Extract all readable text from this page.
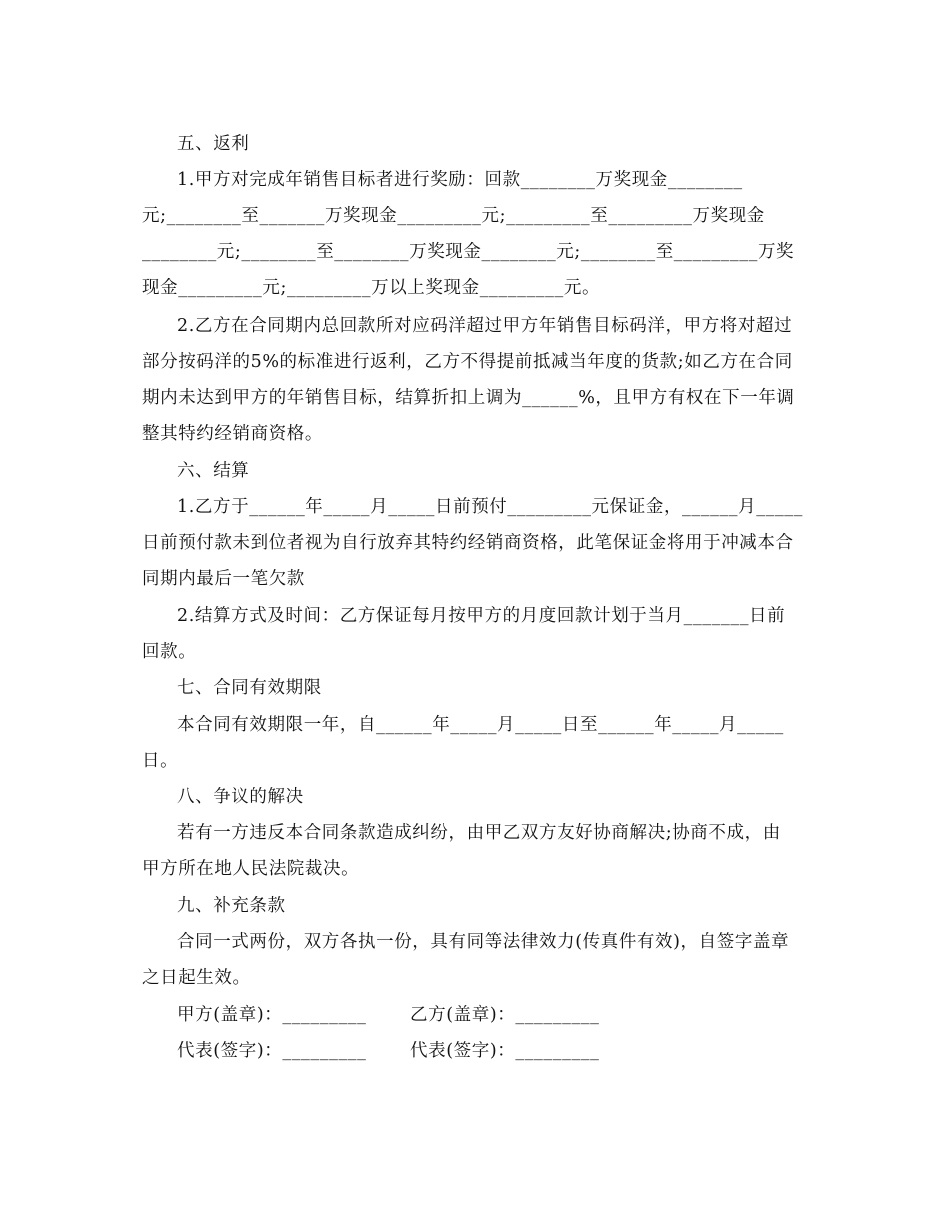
五、返利
1.甲方对完成年销售目标者进行奖励：回款________万奖现金________
元;________至_______万奖现金_________元;_________至_________万奖现金
________元;________至________万奖现金________元;________至_________万奖
现金_________元;_________万以上奖现金_________元。
2.乙方在合同期内总回款所对应码洋超过甲方年销售目标码洋，甲方将对超过
部分按码洋的5%的标准进行返利，乙方不得提前抵减当年度的货款;如乙方在合同
期内未达到甲方的年销售目标，结算折扣上调为______%，且甲方有权在下一年调
整其特约经销商资格。
六、结算
1.乙方于______年_____月_____日前预付_________元保证金，______月_____
日前预付款未到位者视为自行放弃其特约经销商资格，此笔保证金将用于冲减本合
同期内最后一笔欠款
2.结算方式及时间：乙方保证每月按甲方的月度回款计划于当月_______日前
回款。
七、合同有效期限
本合同有效期限一年，自______年_____月_____日至______年_____月_____
日。
八、争议的解决
若有一方违反本合同条款造成纠纷，由甲乙双方友好协商解决;协商不成，由
甲方所在地人民法院裁决。
九、补充条款
合同一式两份，双方各执一份，具有同等法律效力(传真件有效)，自签字盖章
之日起生效。
甲方(盖章)：_________ 乙方(盖章)：_________
代表(签字)：_________ 代表(签字)：_________
